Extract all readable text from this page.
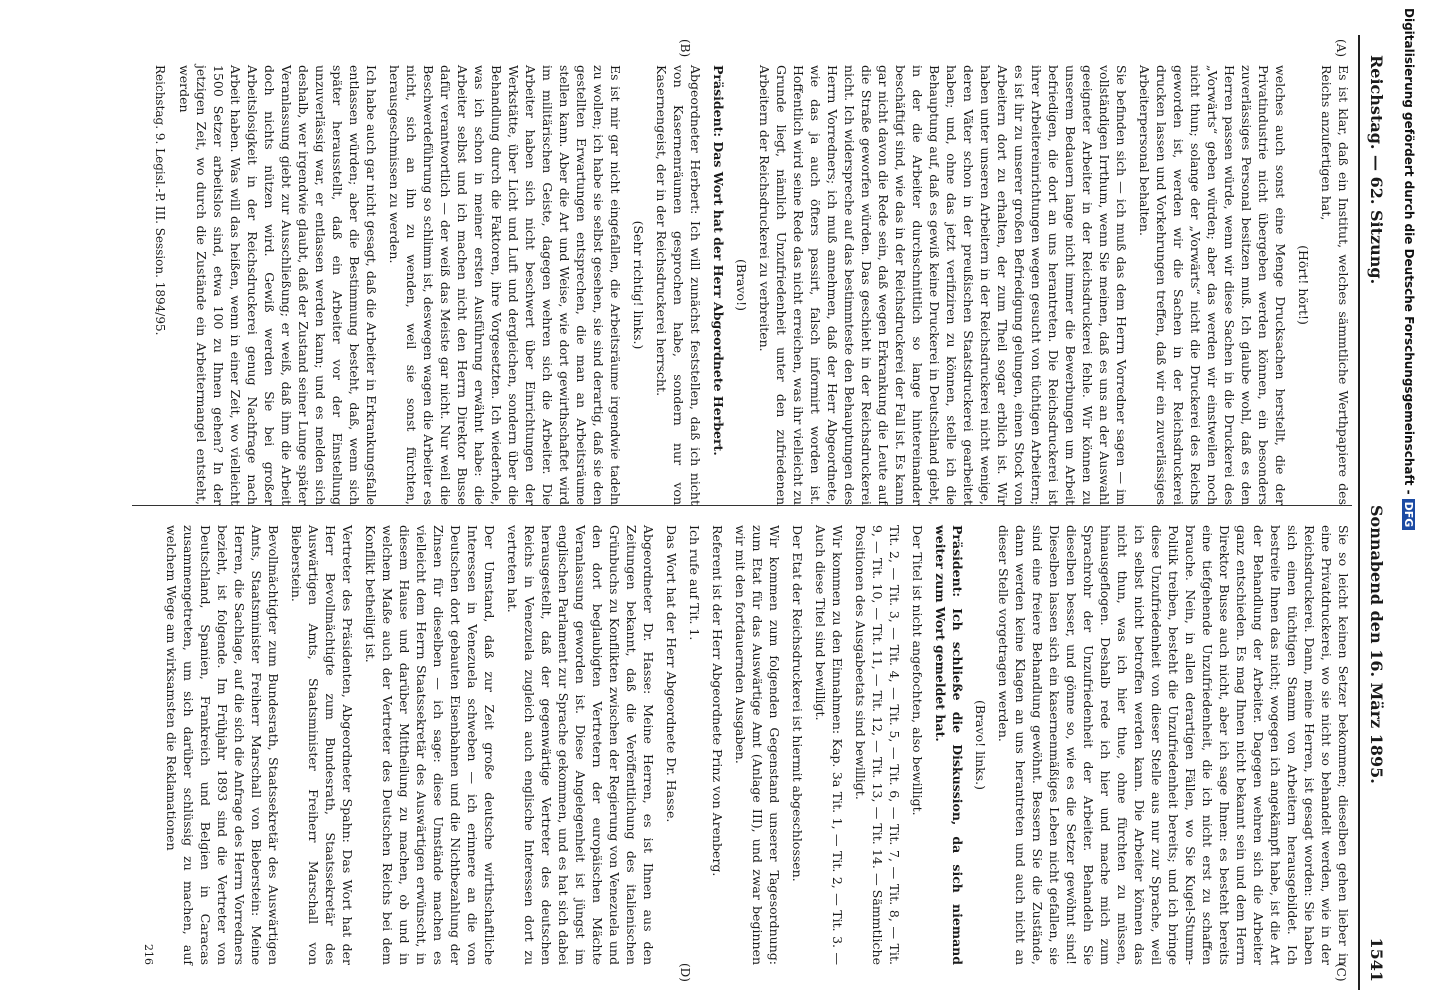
Digitalisierung gefördert durch die Deutsche Forschungsgemeinschaft -DFG
Reichstag. — 62. Sitzung.
Sonnabend den 16. März 1895.
1541
(A)
(B)
(C)
(D)

Es ist klar, daß ein Institut, welches sämmtliche Werthpapiere des Reichs anzufertigen hat,

(Hört! hört!)

welches auch sonst eine Menge Drucksachen herstellt, die der Privatindustrie nicht übergeben werden können, ein besonders zuverlässiges Personal besitzen muß. Ich glaube wohl, daß es den Herren passen würde, wenn wir diese Sachen in die Druckerei des „Vorwärts“ geben würden; aber das werden wir einstweilen noch nicht thun; solange der „Vorwärts“ nicht die Druckerei des Reichs geworden ist, werden wir die Sachen in der Reichsdruckerei drucken lassen und Vorkehrungen treffen, daß wir ein zuverlässiges Arbeiterpersonal behalten.

Sie befinden sich — ich muß das dem Herrn Vorredner sagen — im vollständigen Irrthum, wenn Sie meinen, daß es uns an der Auswahl geeigneter Arbeiter in der Reichsdruckerei fehle. Wir können zu unserem Bedauern lange nicht immer die Bewerbungen um Arbeit befriedigen, die dort an uns herantreten. Die Reichsdruckerei ist ihrer Arbeitereinrichtungen wegen gesucht von tüchtigen Arbeitern; es ist ihr zu unserer großen Befriedigung gelungen, einen Stock von Arbeitern dort zu erhalten, der zum Theil sogar erblich ist. Wir haben unter unseren Arbeitern in der Reichsdruckerei nicht wenige, deren Väter schon in der preußischen Staatsdruckerei gearbeitet haben; und, ohne das jetzt verifiziren zu können, stelle ich die Behauptung auf, daß es gewiß keine Druckerei in Deutschland giebt, in der die Arbeiter durchschnittlich so lange hintereinander beschäftigt sind, wie das in der Reichsdruckerei der Fall ist. Es kann gar nicht davon die Rede sein, daß wegen Erkrankung die Leute auf die Straße geworfen würden. Das geschieht in der Reichsdruckerei nicht. Ich widerspreche auf das bestimmteste den Behauptungen des Herrn Vorredners; ich muß annehmen, daß der Herr Abgeordnete, wie das ja auch öfters passirt, falsch informirt worden ist. Hoffentlich wird seine Rede das nicht erreichen, was ihr vielleicht zu Grunde liegt, nämlich Unzufriedenheit unter den zufriedenen Arbeitern der Reichsdruckerei zu verbreiten.

(Bravo!)

Präsident: Das Wort hat der Herr Abgeordnete Herbert.

Abgeordneter Herbert: Ich will zunächst feststellen, daß ich nicht von Kasernenräumen gesprochen habe, sondern nur von Kasernengeist, der in der Reichsdruckerei herrscht.

(Sehr richtig! links.)

Es ist mir gar nicht eingefallen, die Arbeitsräume irgendwie tadeln zu wollen; ich habe sie selbst gesehen, sie sind derartig, daß sie den gestellten Erwartungen entsprechen, die man an Arbeitsräume stellen kann. Aber die Art und Weise, wie dort gewirthschaftet wird im militärischen Geiste, dagegen wehren sich die Arbeiter. Die Arbeiter haben sich nicht beschwert über Einrichtungen der Werkstätte, über Licht und Luft und dergleichen, sondern über die Behandlung durch die Faktoren, ihre Vorgesetzten. Ich wiederhole, was ich schon in meiner ersten Ausführung erwähnt habe: die Arbeiter selbst und ich machen nicht den Herrn Direktor Busse dafür verantwortlich — der weiß das Meiste gar nicht. Nur weil die Beschwerdeführung so schlimm ist, deswegen wagen die Arbeiter es nicht, sich an ihn zu wenden, weil sie sonst fürchten, herausgeschmissen zu werden.

Ich habe auch gar nicht gesagt, daß die Arbeiter in Erkrankungsfalle entlassen würden; aber die Bestimmung besteht, daß, wenn sich später herausstellt, daß ein Arbeiter vor der Einstellung unzuverlässig war, er entlassen werden kann; und es melden sich deshalb, wer irgendwie glaubt, daß der Zustand seiner Lunge später Veranlassung giebt zur Ausschließung; er weiß, daß ihm die Arbeit doch nichts nützen wird. Gewiß werden Sie bei großer Arbeitslosigkeit in der Reichsdruckerei genug Nachfrage nach Arbeit haben. Was will das heißen, wenn in einer Zeit, wo vielleicht 1500 Setzer arbeitslos sind, etwa 100 zu Ihnen gehen? In der jetzigen Zeit, wo durch die Zustände ein Arbeitermangel entsteht, werden

Reichstag. 9. Legisl.-P. III. Session. 1894/95.

Sie so leicht keinen Setzer bekommen; dieselben gehen lieber in eine Privatdruckerei, wo sie nicht so behandelt werden, wie in der Reichsdruckerei. Dann, meine Herren, ist gesagt worden: Sie haben sich einen tüchtigen Stamm von Arbeitern herausgebildet. Ich bestreite Ihnen das nicht; wogegen ich angekämpft habe, ist die Art der Behandlung der Arbeiter. Dagegen wehren sich die Arbeiter ganz entschieden. Es mag Ihnen nicht bekannt sein und dem Herrn Direktor Busse auch nicht, aber ich sage Ihnen: es besteht bereits eine tiefgehende Unzufriedenheit, die ich nicht erst zu schaffen brauche. Nein, in allen derartigen Fällen, wo Sie Kugel-Stumm-Politik treiben, besteht die Unzufriedenheit bereits; und ich bringe diese Unzufriedenheit von dieser Stelle aus nur zur Sprache, weil ich selbst nicht betroffen werden kann. Die Arbeiter können das nicht thun, was ich hier thue, ohne fürchten zu müssen, hinausgeflogen. Deshalb rede ich hier und mache mich zum Sprachrohr der Unzufriedenheit der Arbeiter. Behandeln Sie dieselben besser, und gönne so, wie es die Setzer gewöhnt sind! Dieselben lassen sich ein kasernenmäßiges Leben nicht gefallen, sie sind eine freiere Behandlung gewöhnt. Bessern Sie die Zustände, dann werden keine Klagen an uns herantreten und auch nicht an dieser Stelle vorgetragen werden.

(Bravo! links.)

Präsident: Ich schließe die Diskussion, da sich niemand weiter zum Wort gemeldet hat.

Der Titel ist nicht angefochten, also bewilligt.

Tit. 2, — Tit. 3, — Tit. 4, — Tit. 5, — Tit. 6, — Tit. 7, — Tit. 8, — Tit. 9, — Tit. 10, — Tit. 11, — Tit. 12, — Tit. 13, — Tit. 14. — Sämmtliche Positionen des Ausgabeetats sind bewilligt.

Wir kommen zu den Einnahmen: Kap. 3a Tit. 1, — Tit. 2, — Tit. 3. — Auch diese Titel sind bewilligt.

Der Etat der Reichsdruckerei ist hiermit abgeschlossen.

Wir kommen zum folgenden Gegenstand unserer Tagesordnung: zum Etat für das Auswärtige Amt (Anlage III), und zwar beginnen wir mit den fortdauernden Ausgaben.

Referent ist der Herr Abgeordnete Prinz von Arenberg.

Ich rufe auf Tit. 1.

Das Wort hat der Herr Abgeordnete Dr. Hasse.

Abgeordneter Dr. Hasse: Meine Herren, es ist Ihnen aus den Zeitungen bekannt, daß die Veröffentlichung des italienischen Grünbuchs zu Konflikten zwischen der Regierung von Venezuela und den dort beglaubigten Vertretern der europäischen Mächte Veranlassung geworden ist. Diese Angelegenheit ist jüngst im englischen Parlament zur Sprache gekommen, und es hat sich dabei herausgestellt, daß der gegenwärtige Vertreter des deutschen Reichs in Venezuela zugleich auch englische Interessen dort zu vertreten hat.

Der Umstand, daß zur Zeit große deutsche wirthschaftliche Interessen in Venezuela schweben — ich erinnere an die von Deutschen dort gebauten Eisenbahnen und die Nichtbezahlung der Zinsen für dieselben — ich sage: diese Umstände machen es vielleicht dem Herrn Staatssekretär des Auswärtigen erwünscht, in diesem Hause und darüber Mittheilung zu machen, ob und in welchem Maße auch der Vertreter des Deutschen Reichs bei dem Konflikt betheiligt ist.

Vertreter des Präsidenten, Abgeordneter Spahn: Das Wort hat der Herr Bevollmächtigte zum Bundesrath, Staatssekretär des Auswärtigen Amts, Staatsminister Freiherr Marschall von Bieberstein.

Bevollmächtigter zum Bundesrath, Staatssekretär des Auswärtigen Amts, Staatsminister Freiherr Marschall von Bieberstein: Meine Herren, die Sachlage, auf die sich die Anfrage des Herrn Vorredners bezieht, ist folgende. Im Frühjahr 1893 sind die Vertreter von Deutschland, Spanien, Frankreich und Belgien in Caracas zusammengetreten, um sich darüber schlüssig zu machen, auf welchem Wege am wirksamsten die Reklamationen

216
